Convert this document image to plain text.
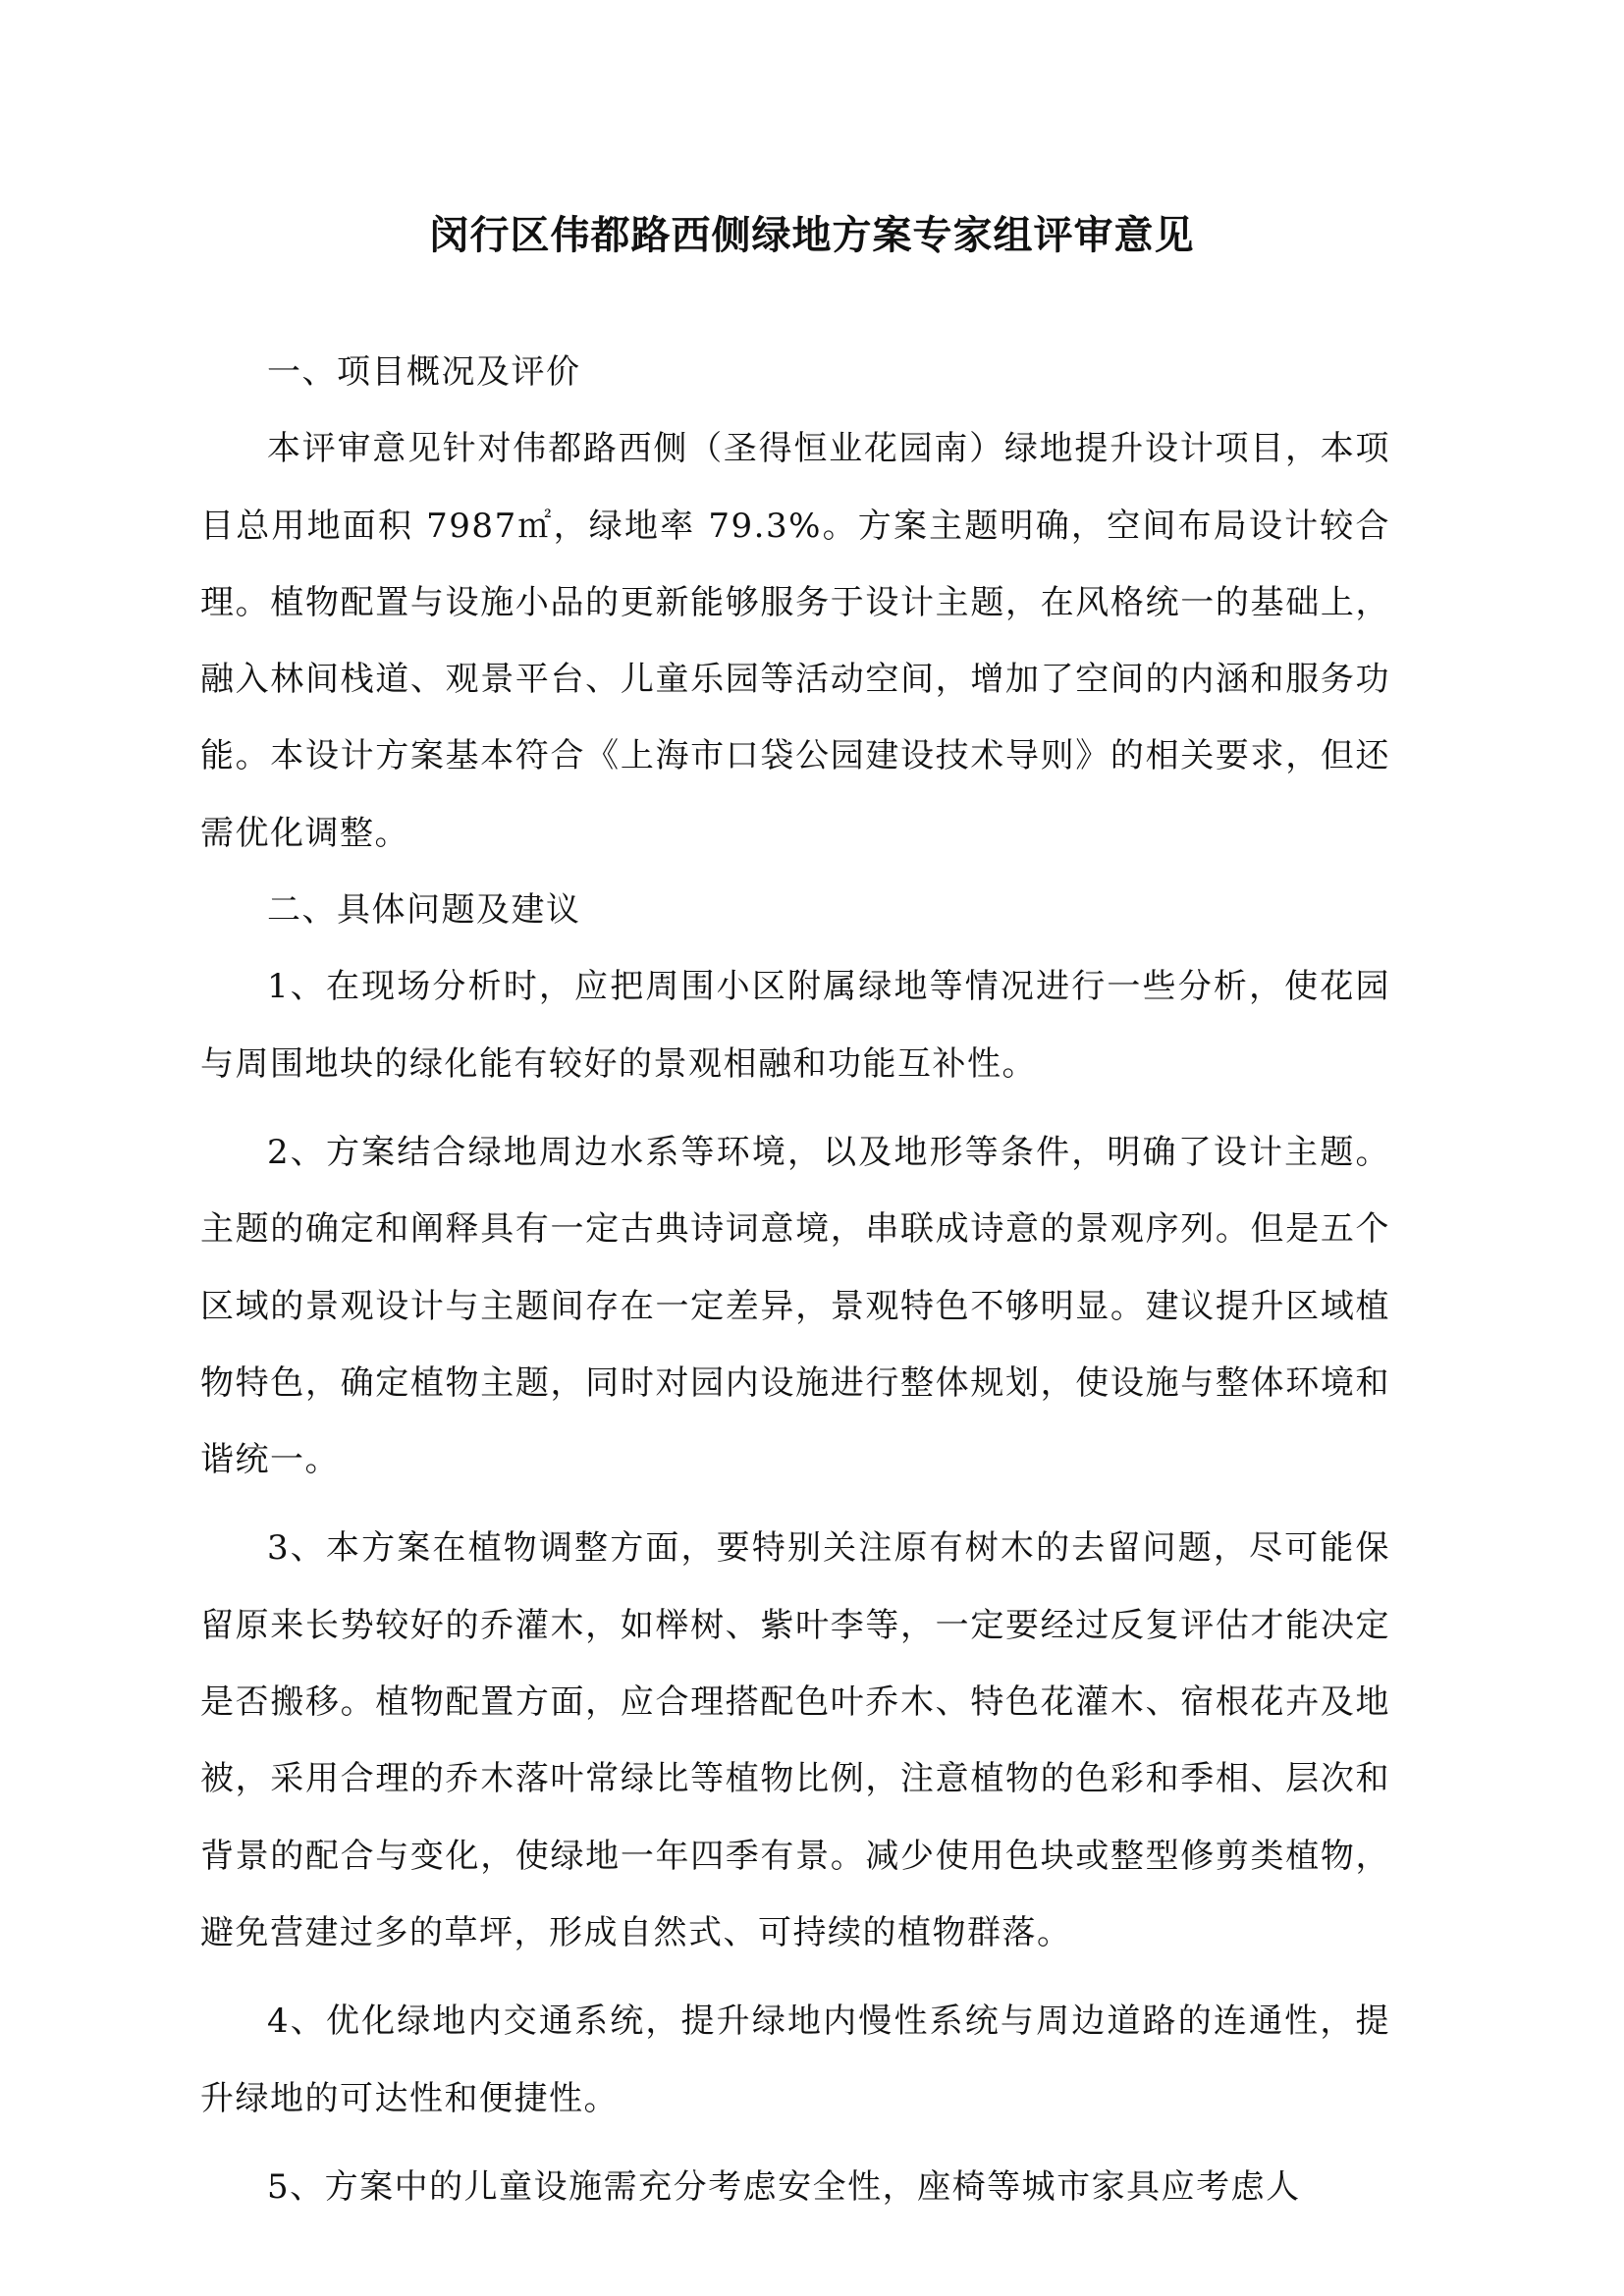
闵行区伟都路西侧绿地方案专家组评审意见

一、项目概况及评价

本评审意见针对伟都路西侧（圣得恒业花园南）绿地提升设计项目，本项目总用地面积 7987㎡，绿地率 79.3%。方案主题明确，空间布局设计较合理。植物配置与设施小品的更新能够服务于设计主题，在风格统一的基础上，融入林间栈道、观景平台、儿童乐园等活动空间，增加了空间的内涵和服务功能。本设计方案基本符合《上海市口袋公园建设技术导则》的相关要求，但还需优化调整。

二、具体问题及建议

1、在现场分析时，应把周围小区附属绿地等情况进行一些分析，使花园与周围地块的绿化能有较好的景观相融和功能互补性。

2、方案结合绿地周边水系等环境，以及地形等条件，明确了设计主题。主题的确定和阐释具有一定古典诗词意境，串联成诗意的景观序列。但是五个区域的景观设计与主题间存在一定差异，景观特色不够明显。建议提升区域植物特色，确定植物主题，同时对园内设施进行整体规划，使设施与整体环境和谐统一。

3、本方案在植物调整方面，要特别关注原有树木的去留问题，尽可能保留原来长势较好的乔灌木，如榉树、紫叶李等，一定要经过反复评估才能决定是否搬移。植物配置方面，应合理搭配色叶乔木、特色花灌木、宿根花卉及地被，采用合理的乔木落叶常绿比等植物比例，注意植物的色彩和季相、层次和背景的配合与变化，使绿地一年四季有景。减少使用色块或整型修剪类植物，避免营建过多的草坪，形成自然式、可持续的植物群落。

4、优化绿地内交通系统，提升绿地内慢性系统与周边道路的连通性，提升绿地的可达性和便捷性。

5、方案中的儿童设施需充分考虑安全性，座椅等城市家具应考虑人
